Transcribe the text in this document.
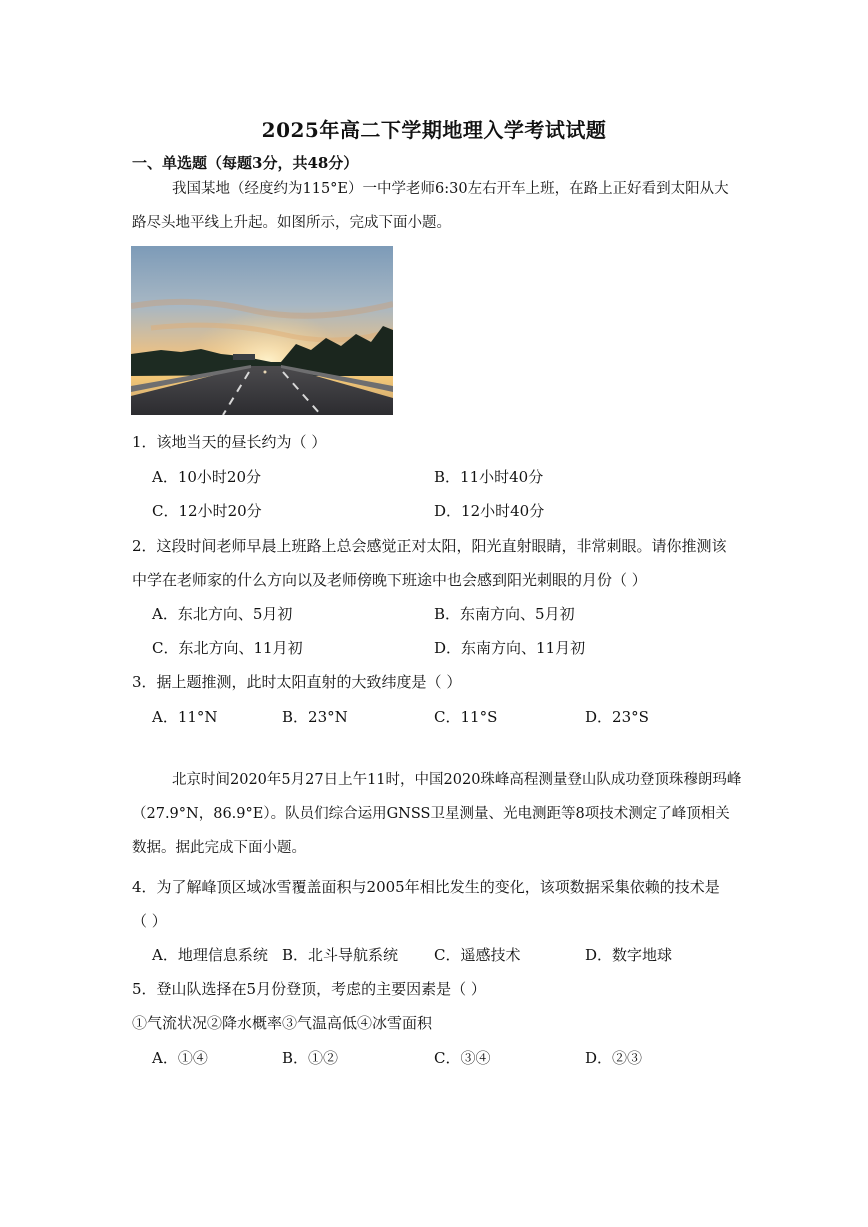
2025年高二下学期地理入学考试试题
一、单选题（每题3分，共48分）
我国某地（经度约为115°E）一中学老师6:30左右开车上班，在路上正好看到太阳从大路尽头地平线上升起。如图所示，完成下面小题。
1．该地当天的昼长约为（ ）
A．10小时20分	B．11小时40分
C．12小时20分	D．12小时40分
2．这段时间老师早晨上班路上总会感觉正对太阳，阳光直射眼睛，非常刺眼。请你推测该
中学在老师家的什么方向以及老师傍晚下班途中也会感到阳光刺眼的月份（ ）
A．东北方向、5月初	B．东南方向、5月初
C．东北方向、11月初	D．东南方向、11月初
3．据上题推测，此时太阳直射的大致纬度是（ ）
A．11°N	B．23°N	C．11°S	D．23°S
北京时间2020年5月27日上午11时，中国2020珠峰高程测量登山队成功登顶珠穆朗玛峰（27.9°N，86.9°E）。队员们综合运用GNSS卫星测量、光电测距等8项技术测定了峰顶相关数据。据此完成下面小题。
4．为了解峰顶区域冰雪覆盖面积与2005年相比发生的变化，该项数据采集依赖的技术是
（ ）
A．地理信息系统 B．北斗导航系统 C．遥感技术	D．数字地球
5．登山队选择在5月份登顶，考虑的主要因素是（ ）
①气流状况②降水概率③气温高低④冰雪面积
A．①④	B．①②	C．③④	D．②③
